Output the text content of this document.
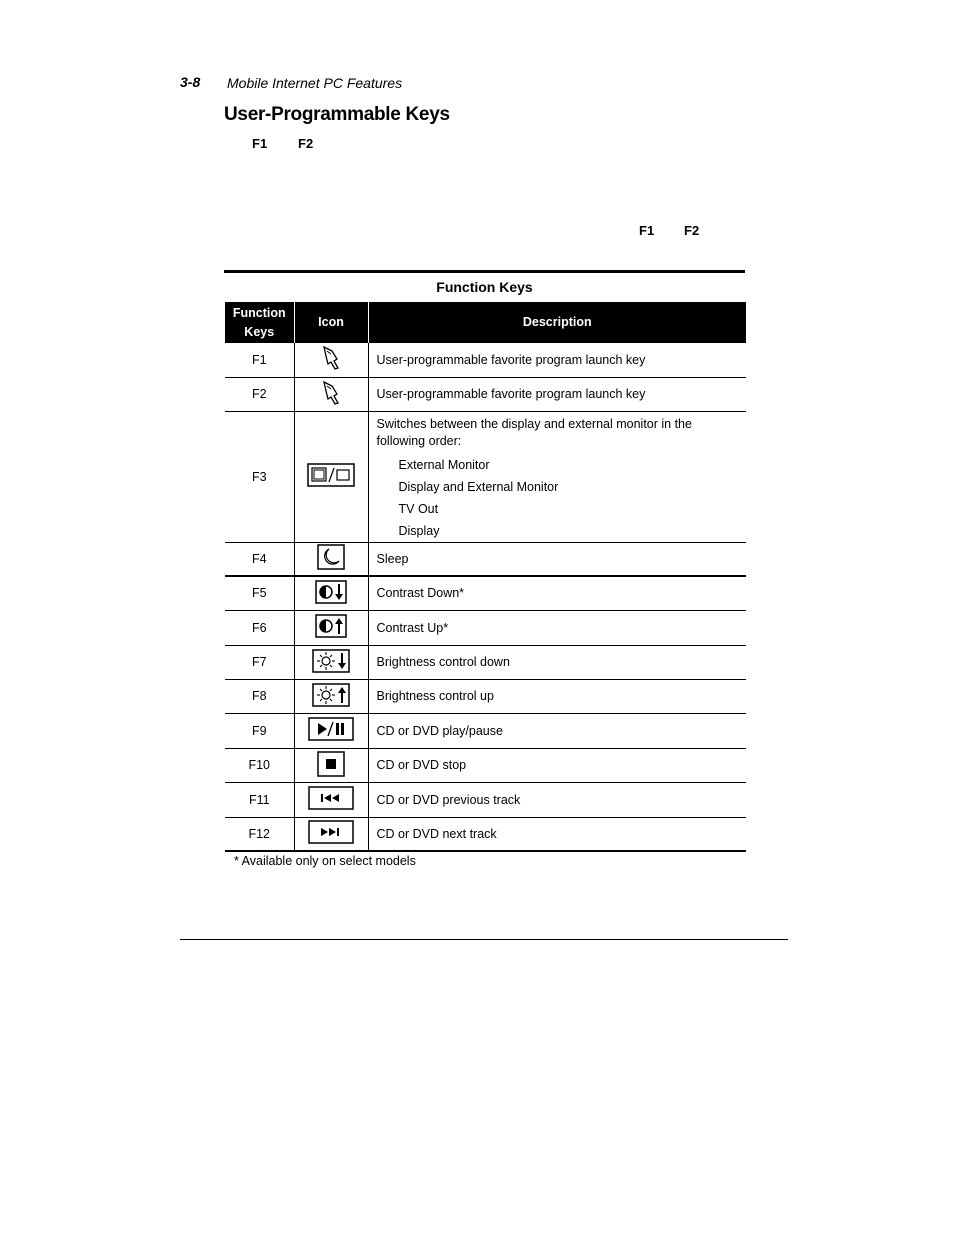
3-8 Mobile Internet PC Features
User-Programmable Keys
F1 F2
F1 F2
Function Keys
Function Keys	Icon	Description
F1		User-programmable favorite program launch key
F2		User-programmable favorite program launch key
F3		Switches between the display and external monitor in the following order:
External Monitor
Display and External Monitor
TV Out
Display

F4		Sleep
F5		Contrast Down*
F6		Contrast Up*
F7		Brightness control down
F8		Brightness control up
F9		CD or DVD play/pause
F10		CD or DVD stop
F11		CD or DVD previous track
F12		CD or DVD next track
* Available only on select models
